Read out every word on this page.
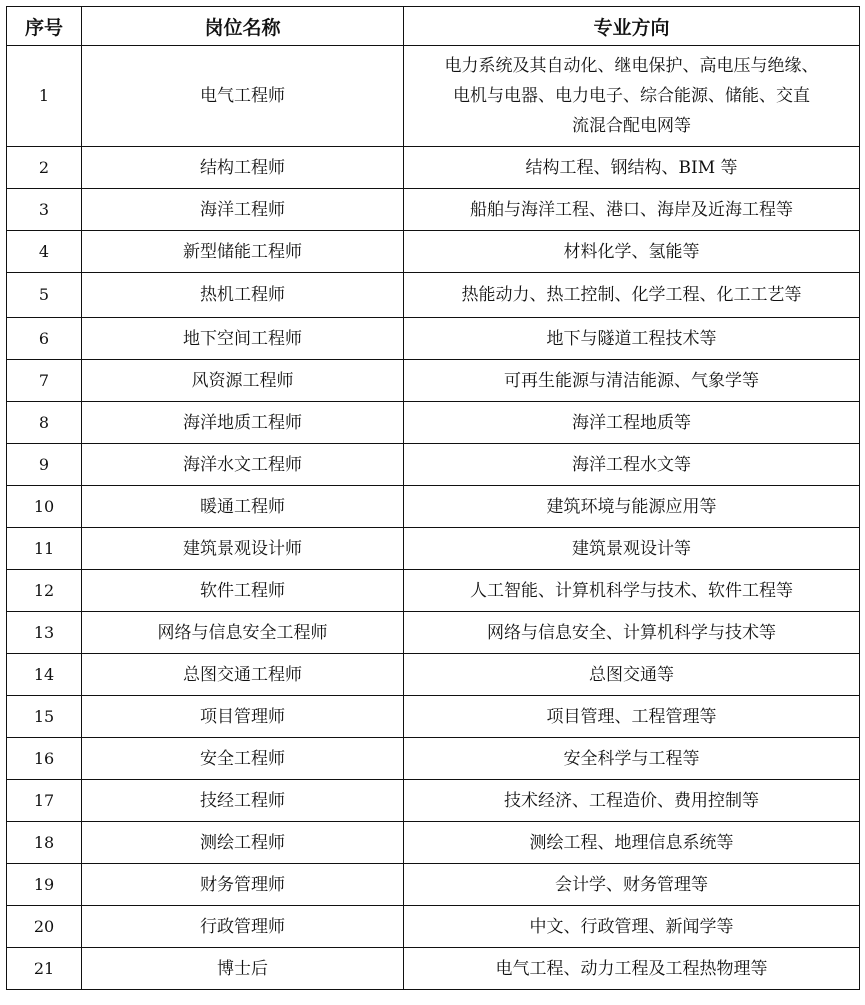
序号	岗位名称	专业方向
1	电气工程师	电力系统及其自动化、继电保护、高电压与绝缘、
电机与电器、电力电子、综合能源、储能、交直
流混合配电网等

2	结构工程师	结构工程、钢结构、BIM 等
3	海洋工程师	船舶与海洋工程、港口、海岸及近海工程等
4	新型储能工程师	材料化学、氢能等
5	热机工程师	热能动力、热工控制、化学工程、化工工艺等
6	地下空间工程师	地下与隧道工程技术等
7	风资源工程师	可再生能源与清洁能源、气象学等
8	海洋地质工程师	海洋工程地质等
9	海洋水文工程师	海洋工程水文等
10	暖通工程师	建筑环境与能源应用等
11	建筑景观设计师	建筑景观设计等
12	软件工程师	人工智能、计算机科学与技术、软件工程等
13	网络与信息安全工程师	网络与信息安全、计算机科学与技术等
14	总图交通工程师	总图交通等
15	项目管理师	项目管理、工程管理等
16	安全工程师	安全科学与工程等
17	技经工程师	技术经济、工程造价、费用控制等
18	测绘工程师	测绘工程、地理信息系统等
19	财务管理师	会计学、财务管理等
20	行政管理师	中文、行政管理、新闻学等
21	博士后	电气工程、动力工程及工程热物理等
